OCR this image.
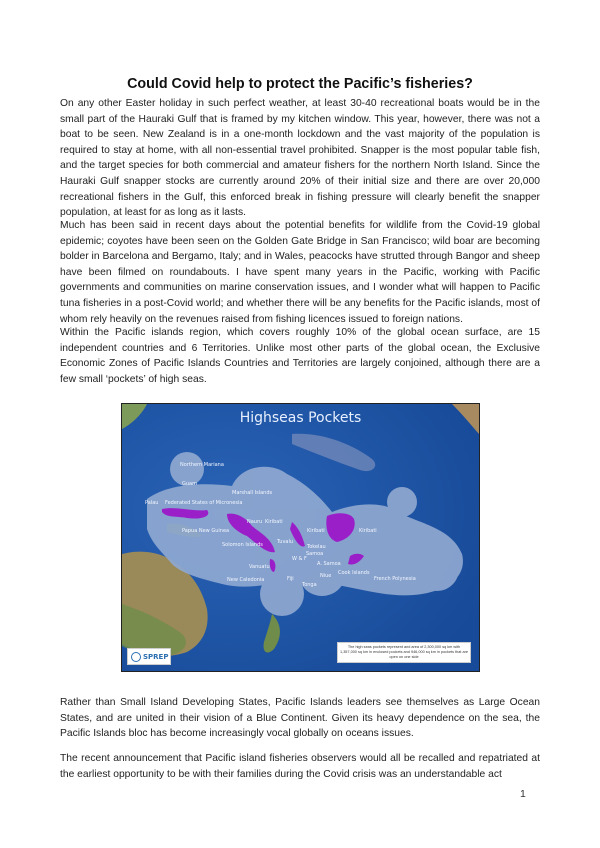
Could Covid help to protect the Pacific’s fisheries?

On any other Easter holiday in such perfect weather, at least 30-40 recreational boats would be in the small part of the Hauraki Gulf that is framed by my kitchen window. This year, however, there was not a boat to be seen. New Zealand is in a one-month lockdown and the vast majority of the population is required to stay at home, with all non-essential travel prohibited. Snapper is the most popular table fish, and the target species for both commercial and amateur fishers for the northern North Island. Since the Hauraki Gulf snapper stocks are currently around 20% of their initial size and there are over 20,000 recreational fishers in the Gulf, this enforced break in fishing pressure will clearly benefit the snapper population, at least for as long as it lasts.

Much has been said in recent days about the potential benefits for wildlife from the Covid-19 global epidemic; coyotes have been seen on the Golden Gate Bridge in San Francisco; wild boar are becoming bolder in Barcelona and Bergamo, Italy; and in Wales, peacocks have strutted through Bangor and sheep have been filmed on roundabouts. I have spent many years in the Pacific, working with Pacific governments and communities on marine conservation issues, and I wonder what will happen to Pacific tuna fisheries in a post-Covid world; and whether there will be any benefits for the Pacific islands, most of whom rely heavily on the revenues raised from fishing licences issued to foreign nations.

Within the Pacific islands region, which covers roughly 10% of the global ocean surface, are 15 independent countries and 6 Territories. Unlike most other parts of the global ocean, the Exclusive Economic Zones of Pacific Islands Countries and Territories are largely conjoined, although there are a few small ‘pockets’ of high seas.

Highseas Pockets
Northern Mariana
Guam
Palau Federated States of Micronesia
Marshall Islands
Nauru Kiribati
Papua New Guinea
Solomon Islands	Tuvalu
Kiribati
Tokelau
Kiribati
W & F
Samoa
A. Samoa
Vanuatu
Fiji
Tonga
Niue Cook Islands
French Polynesia
New Caledonia
SPREP
The high seas pockets represent and area of 2,300,000 sq km with 1,357,000 sq km in enclosed pockets and 946,000 sq km in pockets that are open on one side

Rather than Small Island Developing States, Pacific Islands leaders see themselves as Large Ocean States, and are united in their vision of a Blue Continent. Given its heavy dependence on the sea, the Pacific Islands bloc has become increasingly vocal globally on oceans issues.

The recent announcement that Pacific island fisheries observers would all be recalled and repatriated at the earliest opportunity to be with their families during the Covid crisis was an understandable act

1
